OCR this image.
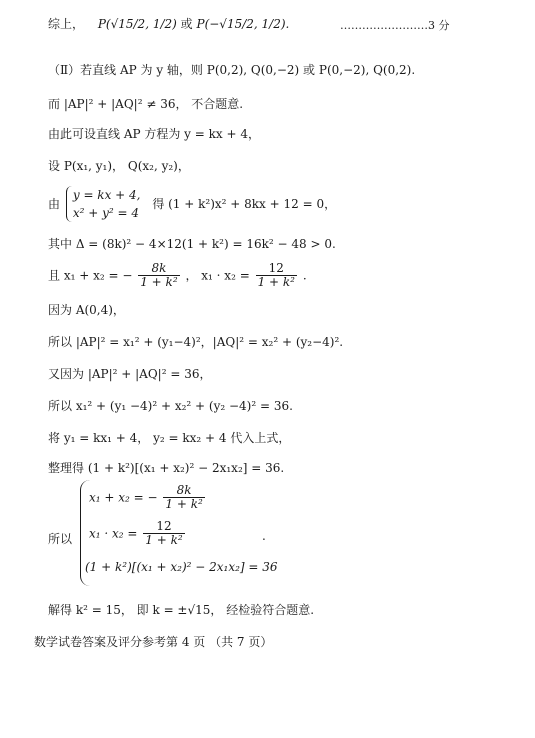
综上， P(√15/2, 1/2) 或 P(−√15/2, 1/2).	……………………3 分
（Ⅱ）若直线 AP 为 y 轴，则 P(0,2), Q(0,−2) 或 P(0,−2), Q(0,2).
而 |AP|² + |AQ|² ≠ 36， 不合题意.
由此可设直线 AP 方程为 y = kx + 4，
设 P(x₁, y₁)， Q(x₂, y₂)，
由
y = kx + 4,
x² + y² = 4
得 (1 + k²)x² + 8kx + 12 = 0，
其中 Δ = (8k)² − 4×12(1 + k²) = 16k² − 48 > 0.
且 x₁ + x₂ = − $\frac{8k}{\text{1 + k²}}$ ， $x_1 \cdot x_2 = \frac{12}{\text{1 + k²}}$ .
因为 A(0,4)，
所以 |AP|² = x₁² + (y₁−4)²，|AQ|² = x₂² + (y₂−4)².
又因为 |AP|² + |AQ|² = 36，
所以 x₁² + (y₁ −4)² + x₂² + (y₂ −4)² = 36.
将 y₁ = kx₁ + 4， y₂ = kx₂ + 4 代入上式，
整理得 (1 + k²)[(x₁ + x₂)² − 2x₁x₂] = 36.
所以
x₁ + x₂ = − $\frac{8k}{\text{1 + k²}}$
$x_1 \cdot x_2 = \frac{12}{\text{1 + k²}}$
(1 + k²)[(x₁ + x₂)² − 2x₁x₂] = 36
.
解得 k² = 15， 即 k = ±√15， 经检验符合题意.
数学试卷答案及评分参考第 4 页 （共 7 页）
